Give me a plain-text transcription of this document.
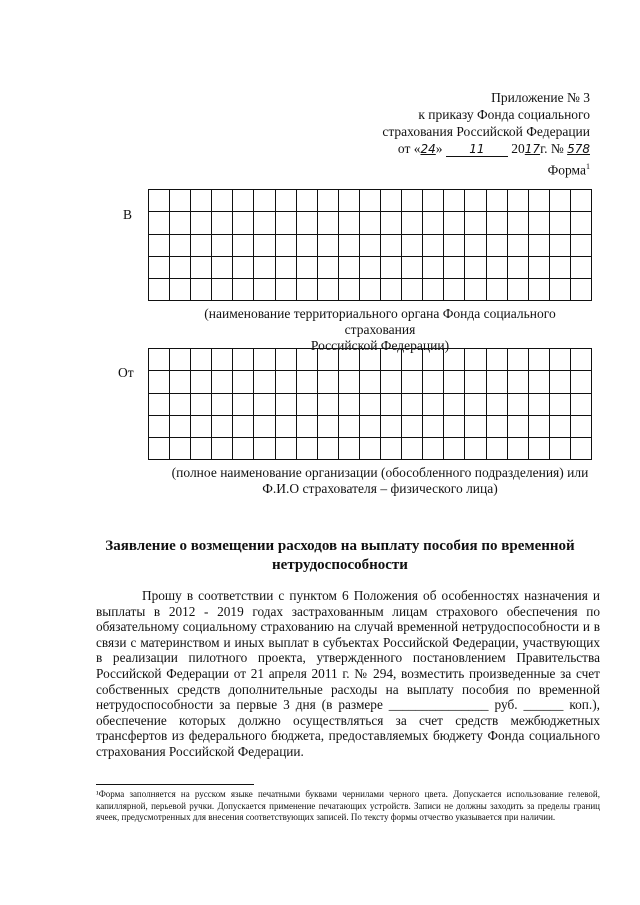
Приложение № 3
к приказу Фонда социального
страхования Российской Федерации
от «24» 11 2017г. № 578
Форма$^1$
В

(наименование территориального органа Фонда социального страхования
Российской Федерации)
От

(полное наименование организации (обособленного подразделения) или
Ф.И.О страхователя – физического лица)
Заявление о возмещении расходов на выплату пособия по временной
нетрудоспособности
Прошу в соответствии с пунктом 6 Положения об особенностях назначения и выплаты в 2012 - 2019 годах застрахованным лицам страхового обеспечения по обязательному социальному страхованию на случай временной нетрудоспособности и в связи с материнством и иных выплат в субъектах Российской Федерации, участвующих в реализации пилотного проекта, утвержденного постановлением Правительства Российской Федерации от 21 апреля 2011 г. № 294, возместить произведенные за счет собственных средств дополнительные расходы на выплату пособия по временной нетрудоспособности за первые 3 дня (в размере _______________ руб. ______ коп.), обеспечение которых должно осуществляться за счет средств межбюджетных трансфертов из федерального бюджета, предоставляемых бюджету Фонда социального страхования Российской Федерации.
¹Форма заполняется на русском языке печатными буквами чернилами черного цвета. Допускается использование гелевой, капиллярной, перьевой ручки. Допускается применение печатающих устройств. Записи не должны заходить за пределы границ ячеек, предусмотренных для внесения соответствующих записей. По тексту формы отчество указывается при наличии.
